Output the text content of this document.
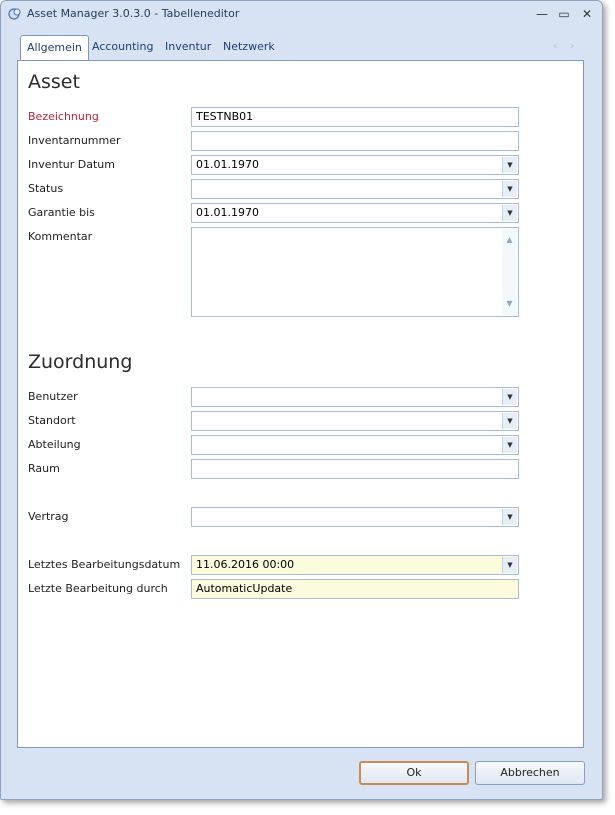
Asset Manager 3.0.3.0 - Tabelleneditor	— ▭	✕
Allgemein Accounting	Inventur	Netzwerk	‹ ›
Asset
Bezeichnung	TESTNB01
Inventarnummer
Inventur Datum	01.01.1970	▼
Status	▼
Garantie bis	01.01.1970	▼
Kommentar	▲
▼
Zuordnung
Benutzer	▼
Standort	▼
Abteilung	▼
Raum
Vertrag	▼
Letztes Bearbeitungsdatum	11.06.2016 00:00	▼
Letzte Bearbeitung durch	AutomaticUpdate
Ok	Abbrechen
